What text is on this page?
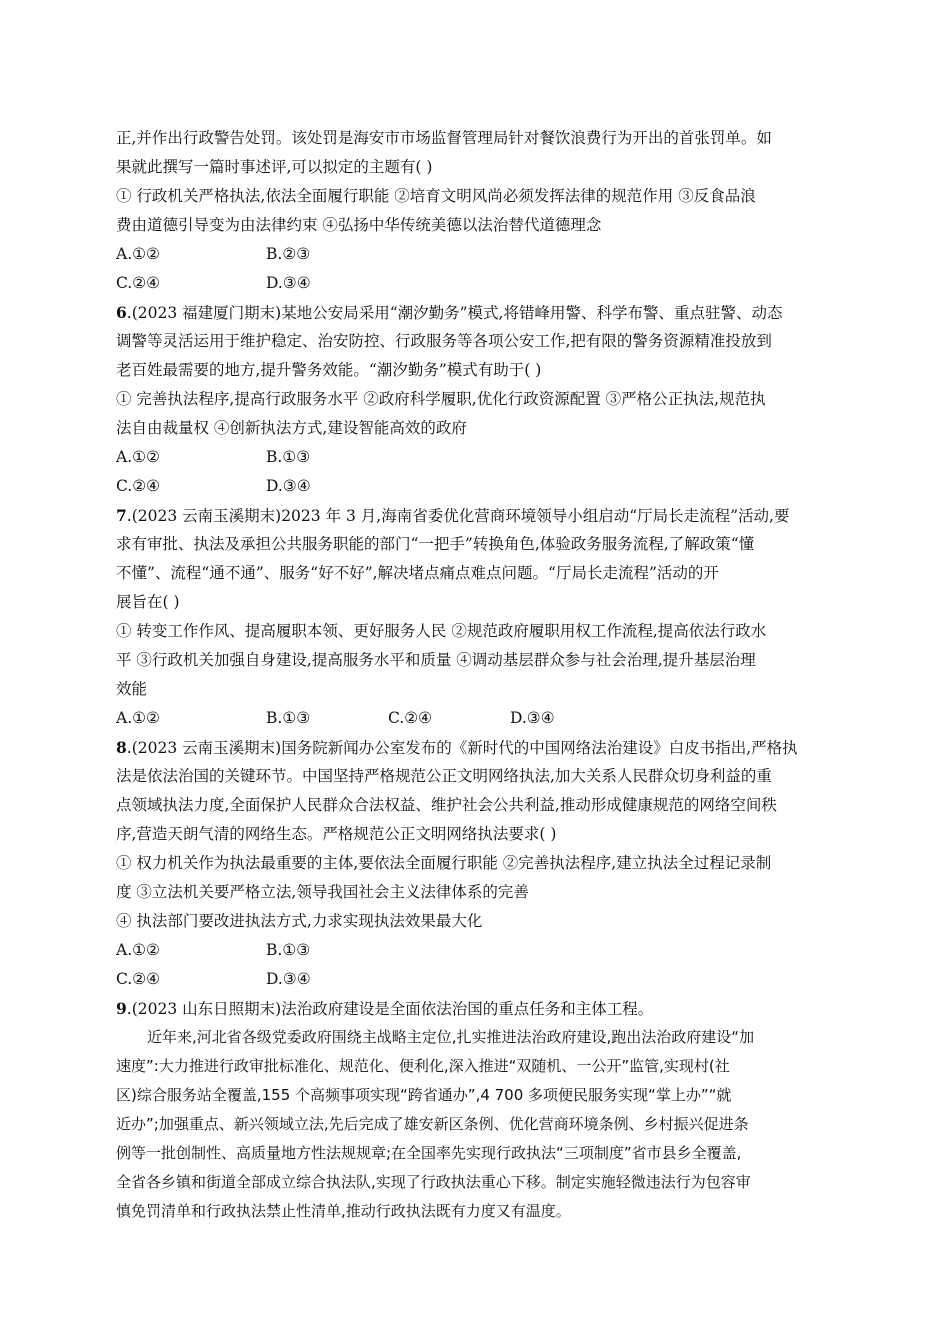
正,并作出行政警告处罚。该处罚是海安市市场监督管理局针对餐饮浪费行为开出的首张罚单。如
果就此撰写一篇时事述评,可以拟定的主题有( )
① 行政机关严格执法,依法全面履行职能 ②培育文明风尚必须发挥法律的规范作用 ③反食品浪
费由道德引导变为由法律约束 ④弘扬中华传统美德以法治替代道德理念
A.①②	B.②③
C.②④	D.③④
6.(2023 福建厦门期末)某地公安局采用“潮汐勤务”模式,将错峰用警、科学布警、重点驻警、动态
调警等灵活运用于维护稳定、治安防控、行政服务等各项公安工作,把有限的警务资源精准投放到
老百姓最需要的地方,提升警务效能。“潮汐勤务”模式有助于( )
① 完善执法程序,提高行政服务水平 ②政府科学履职,优化行政资源配置 ③严格公正执法,规范执
法自由裁量权 ④创新执法方式,建设智能高效的政府
A.①②	B.①③
C.②④	D.③④
7.(2023 云南玉溪期末)2023 年 3 月,海南省委优化营商环境领导小组启动“厅局长走流程”活动,要
求有审批、执法及承担公共服务职能的部门“一把手”转换角色,体验政务服务流程,了解政策“懂
不懂”、流程“通不通”、服务“好不好”,解决堵点痛点难点问题。“厅局长走流程”活动的开
展旨在( )
① 转变工作作风、提高履职本领、更好服务人民 ②规范政府履职用权工作流程,提高依法行政水
平 ③行政机关加强自身建设,提高服务水平和质量 ④调动基层群众参与社会治理,提升基层治理
效能
A.①②	B.①③	C.②④	D.③④
8.(2023 云南玉溪期末)国务院新闻办公室发布的《新时代的中国网络法治建设》白皮书指出,严格执
法是依法治国的关键环节。中国坚持严格规范公正文明网络执法,加大关系人民群众切身利益的重
点领域执法力度,全面保护人民群众合法权益、维护社会公共利益,推动形成健康规范的网络空间秩
序,营造天朗气清的网络生态。严格规范公正文明网络执法要求( )
① 权力机关作为执法最重要的主体,要依法全面履行职能 ②完善执法程序,建立执法全过程记录制
度 ③立法机关要严格立法,领导我国社会主义法律体系的完善
④ 执法部门要改进执法方式,力求实现执法效果最大化
A.①②	B.①③
C.②④	D.③④
9.(2023 山东日照期末)法治政府建设是全面依法治国的重点任务和主体工程。
近年来,河北省各级党委政府围绕主战略主定位,扎实推进法治政府建设,跑出法治政府建设“加
速度”:大力推进行政审批标准化、规范化、便利化,深入推进“双随机、一公开”监管,实现村(社
区)综合服务站全覆盖,155 个高频事项实现“跨省通办”,4 700 多项便民服务实现“掌上办”“就
近办”;加强重点、新兴领域立法,先后完成了雄安新区条例、优化营商环境条例、乡村振兴促进条
例等一批创制性、高质量地方性法规规章;在全国率先实现行政执法“三项制度”省市县乡全覆盖,
全省各乡镇和街道全部成立综合执法队,实现了行政执法重心下移。制定实施轻微违法行为包容审
慎免罚清单和行政执法禁止性清单,推动行政执法既有力度又有温度。
